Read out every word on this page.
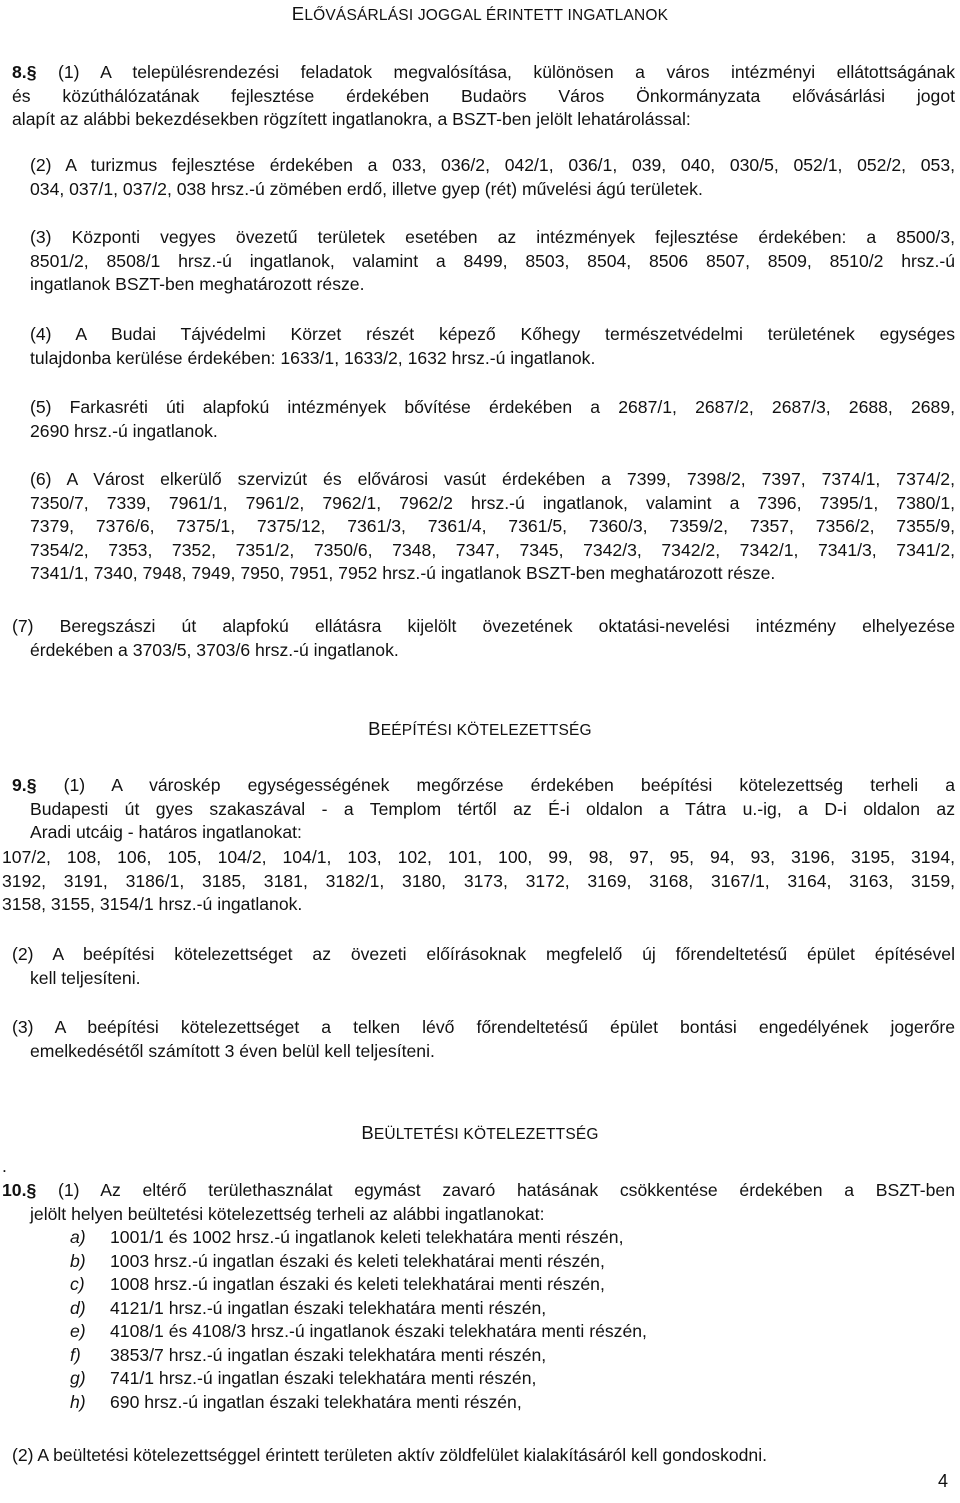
ELŐVÁSÁRLÁSI JOGGAL ÉRINTETT INGATLANOK
8.§ (1) A településrendezési feladatok megvalósítása, különösen a város intézményi ellátottságának
és közúthálózatának fejlesztése érdekében Budaörs Város Önkormányzata elővásárlási jogot
alapít az alábbi bekezdésekben rögzített ingatlanokra, a BSZT-ben jelölt lehatárolással:
(2) A turizmus fejlesztése érdekében a 033, 036/2, 042/1, 036/1, 039, 040, 030/5, 052/1, 052/2, 053,
034, 037/1, 037/2, 038 hrsz.-ú zömében erdő, illetve gyep (rét) művelési ágú területek.
(3) Központi vegyes övezetű területek esetében az intézmények fejlesztése érdekében: a 8500/3,
8501/2, 8508/1 hrsz.-ú ingatlanok, valamint a 8499, 8503, 8504, 8506 8507, 8509, 8510/2 hrsz.-ú
ingatlanok BSZT-ben meghatározott része.
(4) A Budai Tájvédelmi Körzet részét képező Kőhegy természetvédelmi területének egységes
tulajdonba kerülése érdekében: 1633/1, 1633/2, 1632 hrsz.-ú ingatlanok.
(5) Farkasréti úti alapfokú intézmények bővítése érdekében a 2687/1, 2687/2, 2687/3, 2688, 2689,
2690 hrsz.-ú ingatlanok.
(6) A Várost elkerülő szervizút és elővárosi vasút érdekében a 7399, 7398/2, 7397, 7374/1, 7374/2,
7350/7, 7339, 7961/1, 7961/2, 7962/1, 7962/2 hrsz.-ú ingatlanok, valamint a 7396, 7395/1, 7380/1,
7379, 7376/6, 7375/1, 7375/12, 7361/3, 7361/4, 7361/5, 7360/3, 7359/2, 7357, 7356/2, 7355/9,
7354/2, 7353, 7352, 7351/2, 7350/6, 7348, 7347, 7345, 7342/3, 7342/2, 7342/1, 7341/3, 7341/2,
7341/1, 7340, 7948, 7949, 7950, 7951, 7952 hrsz.-ú ingatlanok BSZT-ben meghatározott része.
(7) Beregszászi út alapfokú ellátásra kijelölt övezetének oktatási-nevelési intézmény elhelyezése
érdekében a 3703/5, 3703/6 hrsz.-ú ingatlanok.
BEÉPÍTÉSI KÖTELEZETTSÉG
9.§ (1) A városkép egységességének megőrzése érdekében beépítési kötelezettség terheli a
Budapesti út gyes szakaszával - a Templom tértől az É-i oldalon a Tátra u.-ig, a D-i oldalon az
Aradi utcáig - határos ingatlanokat:
107/2, 108, 106, 105, 104/2, 104/1, 103, 102, 101, 100, 99, 98, 97, 95, 94, 93, 3196, 3195, 3194,
3192, 3191, 3186/1, 3185, 3181, 3182/1, 3180, 3173, 3172, 3169, 3168, 3167/1, 3164, 3163, 3159,
3158, 3155, 3154/1 hrsz.-ú ingatlanok.
(2) A beépítési kötelezettséget az övezeti előírásoknak megfelelő új főrendeltetésű épület építésével
kell teljesíteni.
(3) A beépítési kötelezettséget a telken lévő főrendeltetésű épület bontási engedélyének jogerőre
emelkedésétől számított 3 éven belül kell teljesíteni.
BEÜLTETÉSI KÖTELEZETTSÉG
.
10.§ (1) Az eltérő területhasználat egymást zavaró hatásának csökkentése érdekében a BSZT-ben
jelölt helyen beültetési kötelezettség terheli az alábbi ingatlanokat:
a) 1001/1 és 1002 hrsz.-ú ingatlanok keleti telekhatára menti részén,
b) 1003 hrsz.-ú ingatlan északi és keleti telekhatárai menti részén,
c) 1008 hrsz.-ú ingatlan északi és keleti telekhatárai menti részén,
d) 4121/1 hrsz.-ú ingatlan északi telekhatára menti részén,
e) 4108/1 és 4108/3 hrsz.-ú ingatlanok északi telekhatára menti részén,
f) 3853/7 hrsz.-ú ingatlan északi telekhatára menti részén,
g) 741/1 hrsz.-ú ingatlan északi telekhatára menti részén,
h) 690 hrsz.-ú ingatlan északi telekhatára menti részén,
(2) A beültetési kötelezettséggel érintett területen aktív zöldfelület kialakításáról kell gondoskodni.
4
